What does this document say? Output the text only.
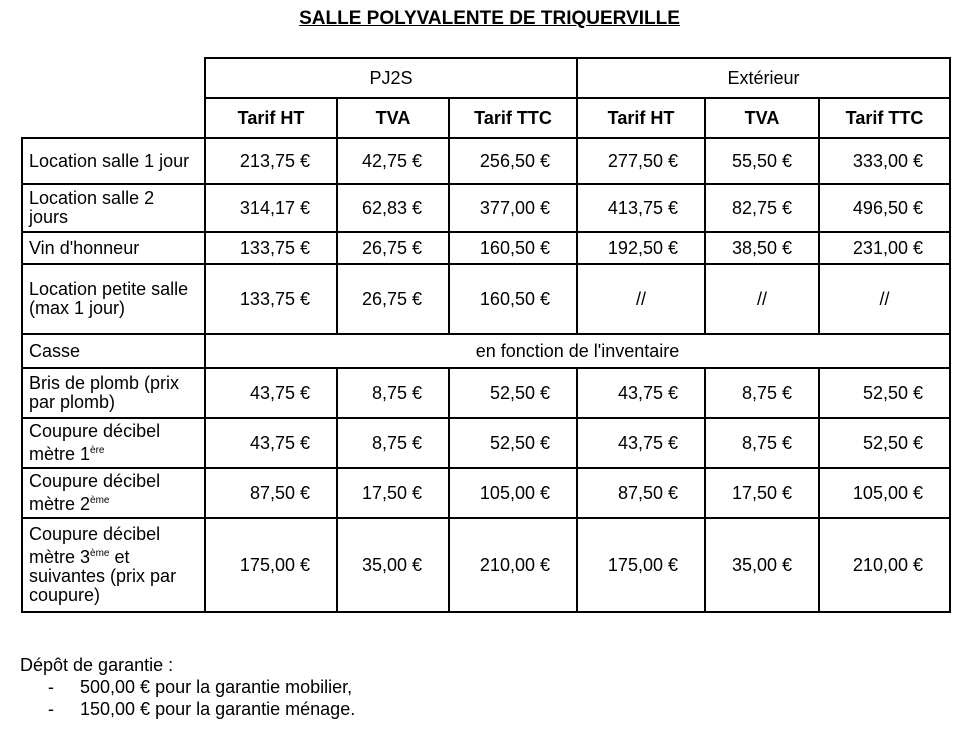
SALLE POLYVALENTE DE TRIQUERVILLE
	PJ2S			Extérieur		
	Tarif HT	TVA	Tarif TTC	Tarif HT	TVA	Tarif TTC
Location salle 1 jour	213,75 €	42,75 €	256,50 €	277,50 €	55,50 €	333,00 €
Location salle 2 jours	314,17 €	62,83 €	377,00 €	413,75 €	82,75 €	496,50 €
Vin d'honneur	133,75 €	26,75 €	160,50 €	192,50 €	38,50 €	231,00 €
Location petite salle (max 1 jour)	133,75 €	26,75 €	160,50 €	//	//	//
Casse	en fonction de l'inventaire					
Bris de plomb (prix par plomb)	43,75 €	8,75 €	52,50 €	43,75 €	8,75 €	52,50 €
Coupure décibel mètre 1ère	43,75 €	8,75 €	52,50 €	43,75 €	8,75 €	52,50 €
Coupure décibel mètre 2ème	87,50 €	17,50 €	105,00 €	87,50 €	17,50 €	105,00 €
Coupure décibel mètre 3ème et suivantes (prix par coupure)	175,00 €	35,00 €	210,00 €	175,00 €	35,00 €	210,00 €
Dépôt de garantie :
- 500,00 € pour la garantie mobilier,
- 150,00 € pour la garantie ménage.
